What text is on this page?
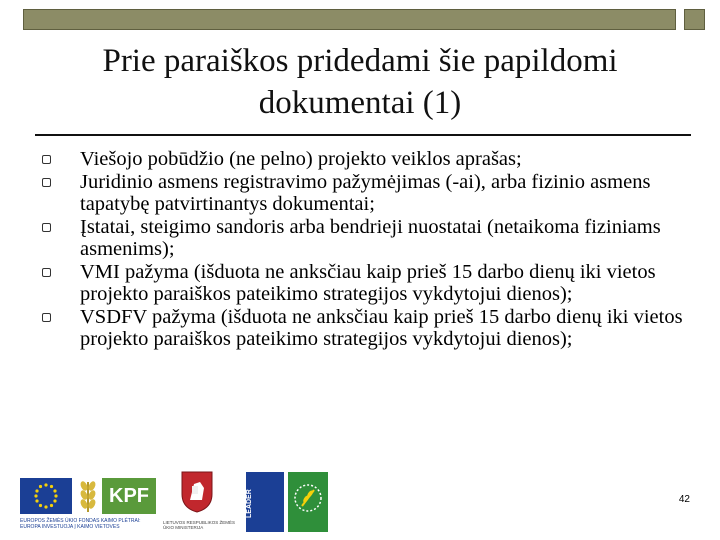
Prie paraiškos pridedami šie papildomi
dokumentai (1)
Viešojo pobūdžio (ne pelno) projekto veiklos aprašas;
Juridinio asmens registravimo pažymėjimas (-ai), arba fizinio asmens tapatybę patvirtinantys dokumentai;
Įstatai, steigimo sandoris arba bendrieji nuostatai (netaikoma fiziniams asmenims);
VMI pažyma (išduota ne anksčiau kaip prieš 15 darbo dienų iki vietos projekto paraiškos pateikimo strategijos vykdytojui dienos);
VSDFV pažyma (išduota ne anksčiau kaip prieš 15 darbo dienų iki vietos projekto paraiškos pateikimo strategijos vykdytojui dienos);
KPF
EUROPOS ŽEMĖS ŪKIO FONDAS KAIMO PLĖTRAI: EUROPA INVESTUOJA Į KAIMO VIETOVES
LIETUVOS RESPUBLIKOS ŽEMĖS ŪKIO MINISTERIJA
LEADER	42
